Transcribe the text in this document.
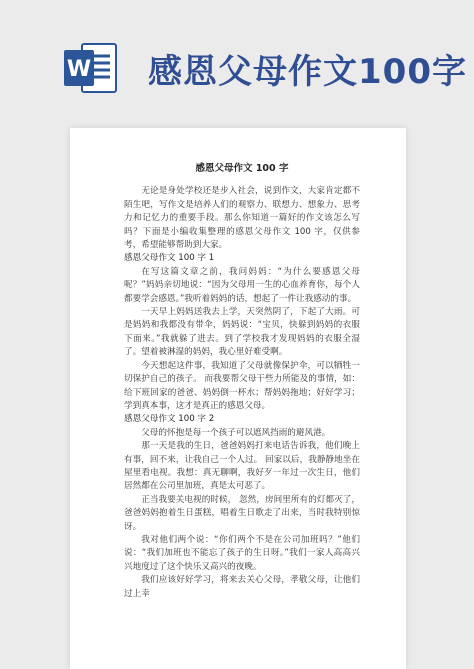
W 感恩父母作文100字
感恩父母作文 100 字

无论是身处学校还是步入社会，说到作文，大家肯定都不陌生吧，写作文是培养人们的观察力、联想力、想象力、思考力和记忆力的重要手段。那么你知道一篇好的作文该怎么写吗？下面是小编收集整理的感恩父母作文 100 字，仅供参考，希望能够帮助到大家。

感恩父母作文 100 字 1

在写这篇文章之前，我问妈妈：“为什么要感恩父母呢？”妈妈亲切地说：“因为父母用一生的心血养育你，每个人都要学会感恩。”我听着妈妈的话，想起了一件让我感动的事。

一天早上妈妈送我去上学，天突然阴了，下起了大雨。可是妈妈和我都没有带伞，妈妈说：“宝贝，快躲到妈妈的衣服下面来。”我就躲了进去。到了学校我才发现妈妈的衣服全湿了。望着被淋湿的妈妈，我心里好难受啊。

今天想起这件事，我知道了父母就像保护伞，可以牺牲一切保护自己的孩子。 而我要帮父母干些力所能及的事情，如：给下班回家的爸爸、妈妈倒一杯水；帮妈妈拖地；好好学习；学到真本事，这才是真正的感恩父母。

感恩父母作文 100 字 2

父母的怀抱是每一个孩子可以遮风挡雨的避风港。

那一天是我的生日，爸爸妈妈打来电话告诉我，他们晚上有事，回不来，让我自己一个人过。 回家以后，我静静地坐在屋里看电视。我想：真无聊啊，我好歹一年过一次生日，他们居然都在公司里加班，真是太可恶了。

正当我要关电视的时候， 忽然，房间里所有的灯都灭了，爸爸妈妈抱着生日蛋糕，唱着生日歌走了出来，当时我特别惊讶。

我对他们两个说：“你们两个不是在公司加班吗？”他们说：“我们加班也不能忘了孩子的生日呀。”我们一家人高高兴兴地度过了这个快乐又高兴的夜晚。

我们应该好好学习，将来去关心父母，孝敬父母，让他们过上幸
